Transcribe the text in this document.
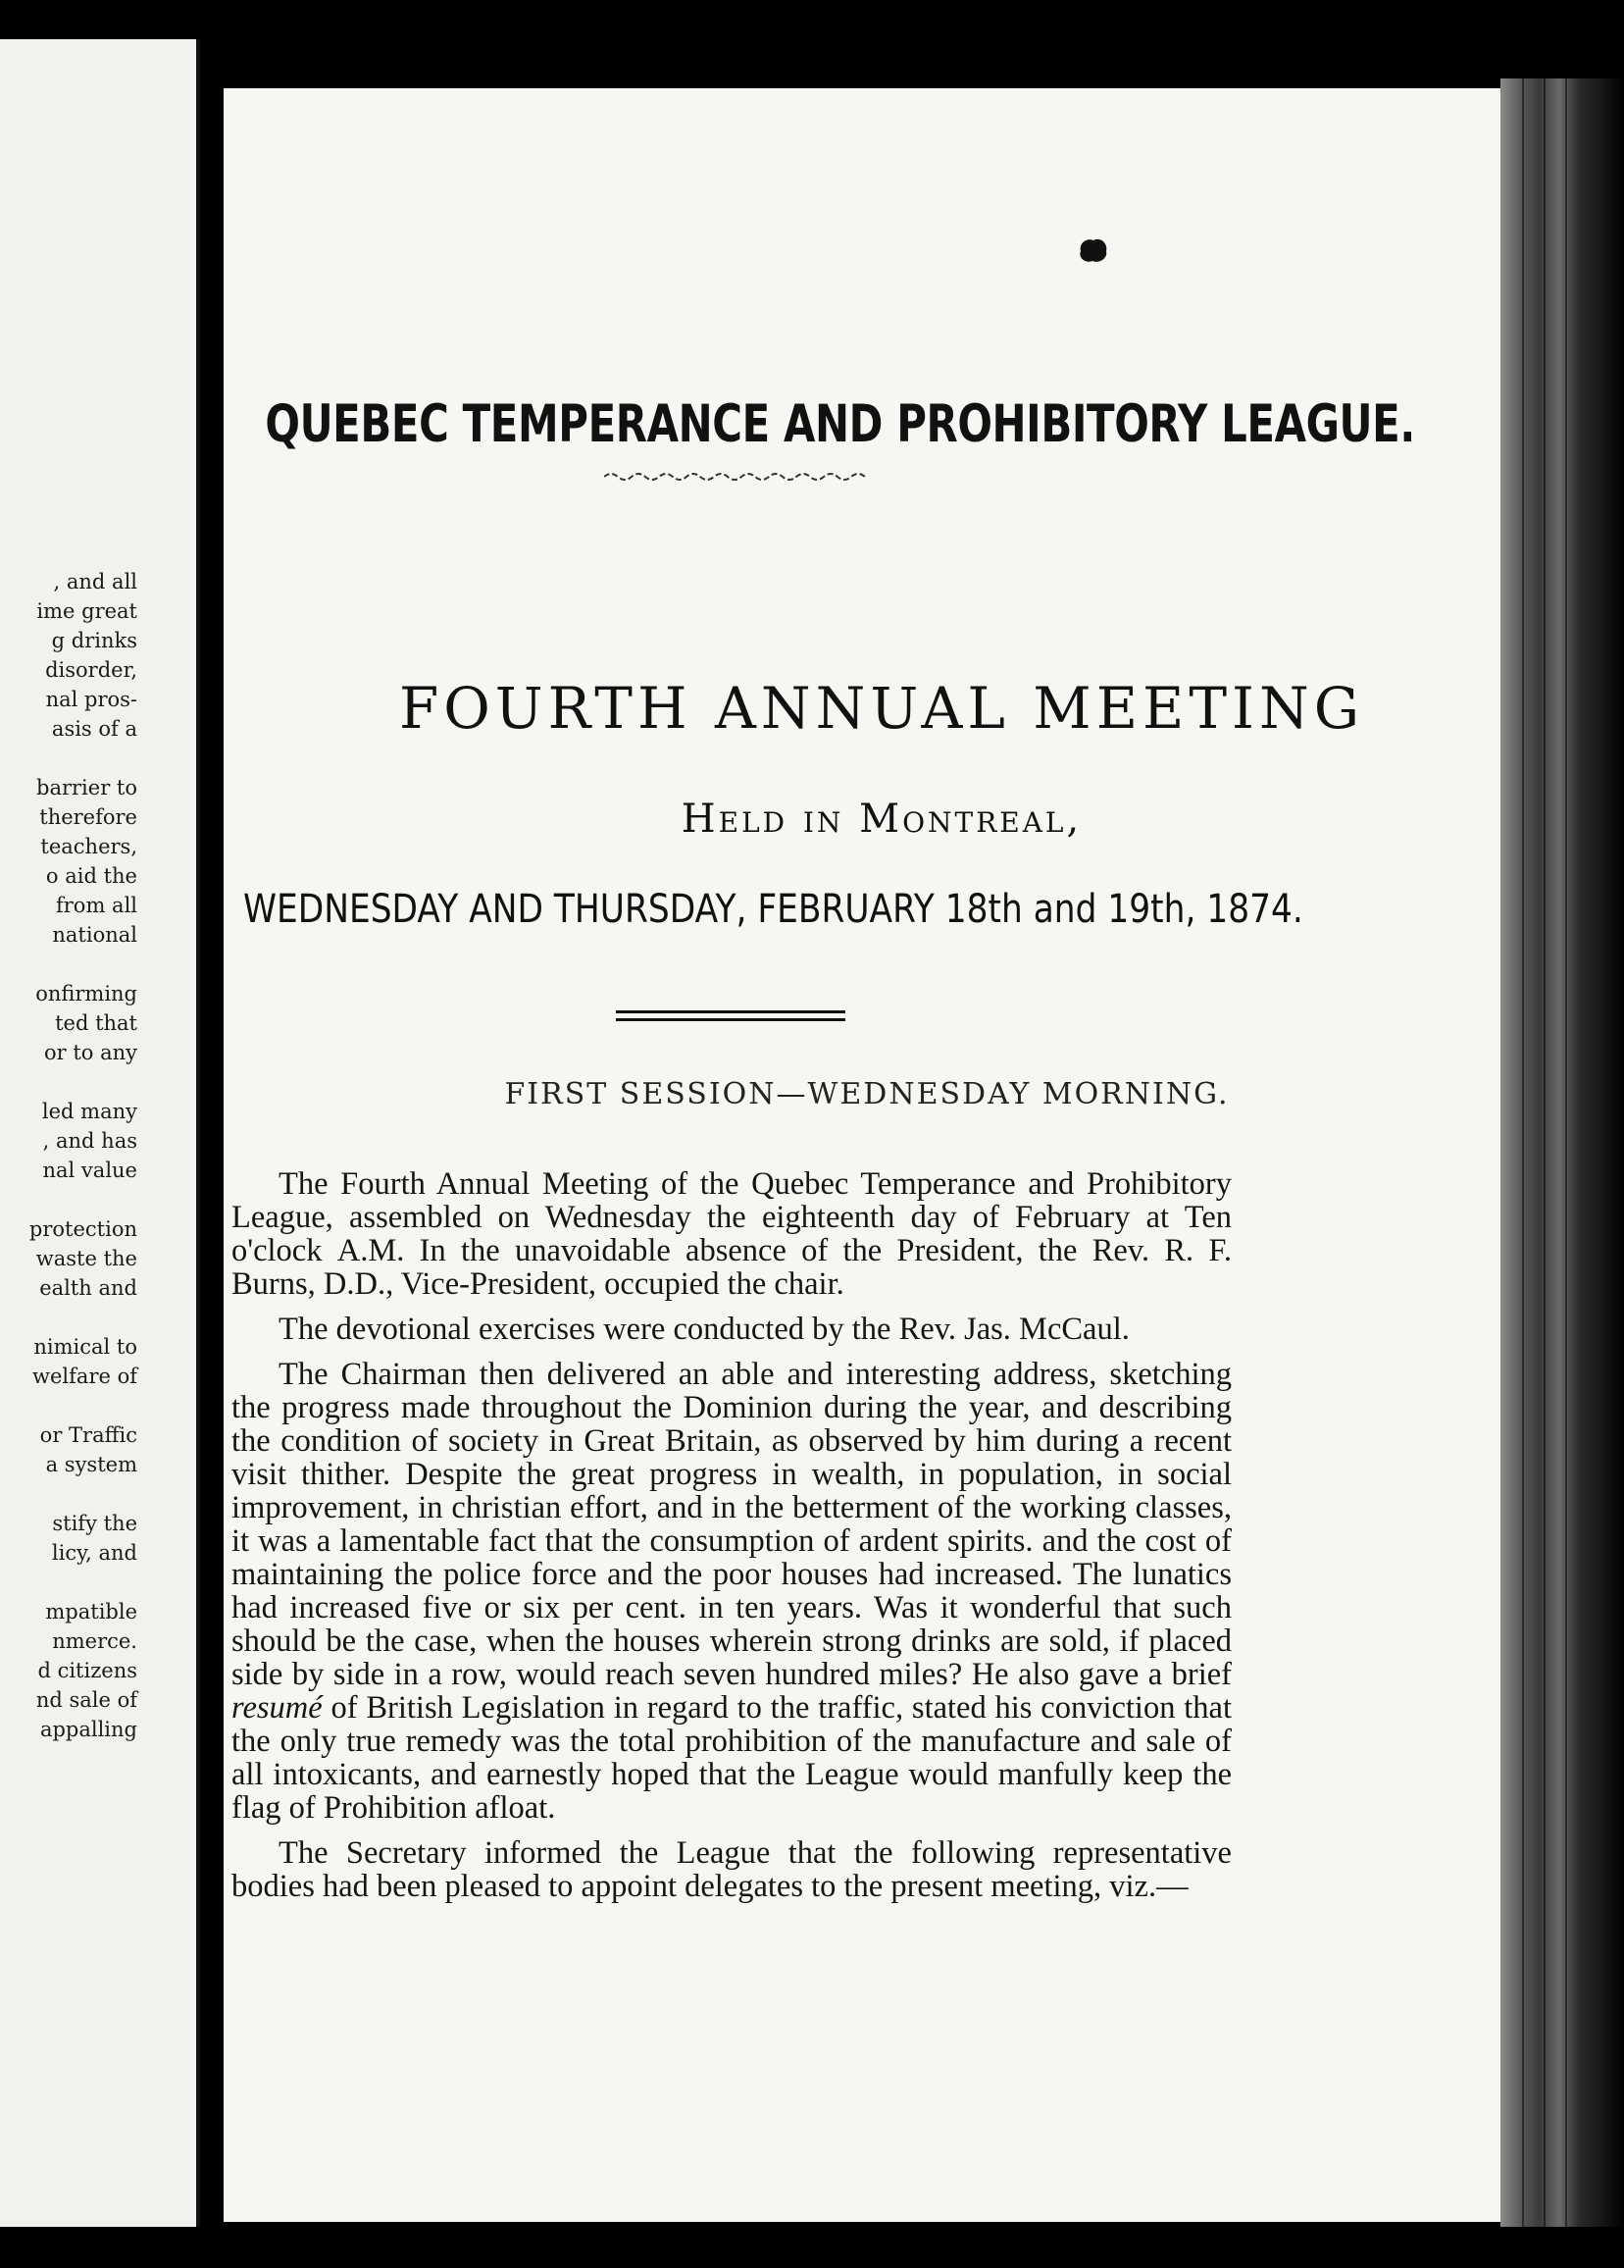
, and all
ime great
g drinks
disorder,
nal pros-
asis of a
barrier to
therefore
teachers,
o aid the
from all
national
onfirming
ted that
or to any
led many
, and has
nal value
protection
waste the
ealth and
nimical to
welfare of
or Traffic
a system
stify the
licy, and
mpatible
nmerce.
d citizens
nd sale of
appalling
QUEBEC TEMPERANCE AND PROHIBITORY LEAGUE.
FOURTH ANNUAL MEETING
Held in Montreal,
WEDNESDAY AND THURSDAY, FEBRUARY 18th and 19th, 1874.
FIRST SESSION—WEDNESDAY MORNING.

The Fourth Annual Meeting of the Quebec Temperance and Prohibitory League, assembled on Wednesday the eighteenth day of February at Ten o'clock A.M. In the unavoidable absence of the President, the Rev. R. F. Burns, D.D., Vice-President, occupied the chair.

The devotional exercises were conducted by the Rev. Jas. McCaul.

The Chairman then delivered an able and interesting address, sketching the progress made throughout the Dominion during the year, and describing the condition of society in Great Britain, as observed by him during a recent visit thither. Despite the great progress in wealth, in population, in social improvement, in christian effort, and in the betterment of the working classes, it was a lamentable fact that the consumption of ardent spirits. and the cost of maintaining the police force and the poor houses had increased. The lunatics had increased five or six per cent. in ten years. Was it wonderful that such should be the case, when the houses wherein strong drinks are sold, if placed side by side in a row, would reach seven hundred miles? He also gave a brief resumé of British Legislation in regard to the traffic, stated his conviction that the only true remedy was the total prohibition of the manufacture and sale of all intoxicants, and earnestly hoped that the League would manfully keep the flag of Prohibition afloat.

The Secretary informed the League that the following representative bodies had been pleased to appoint delegates to the present meeting, viz.—
